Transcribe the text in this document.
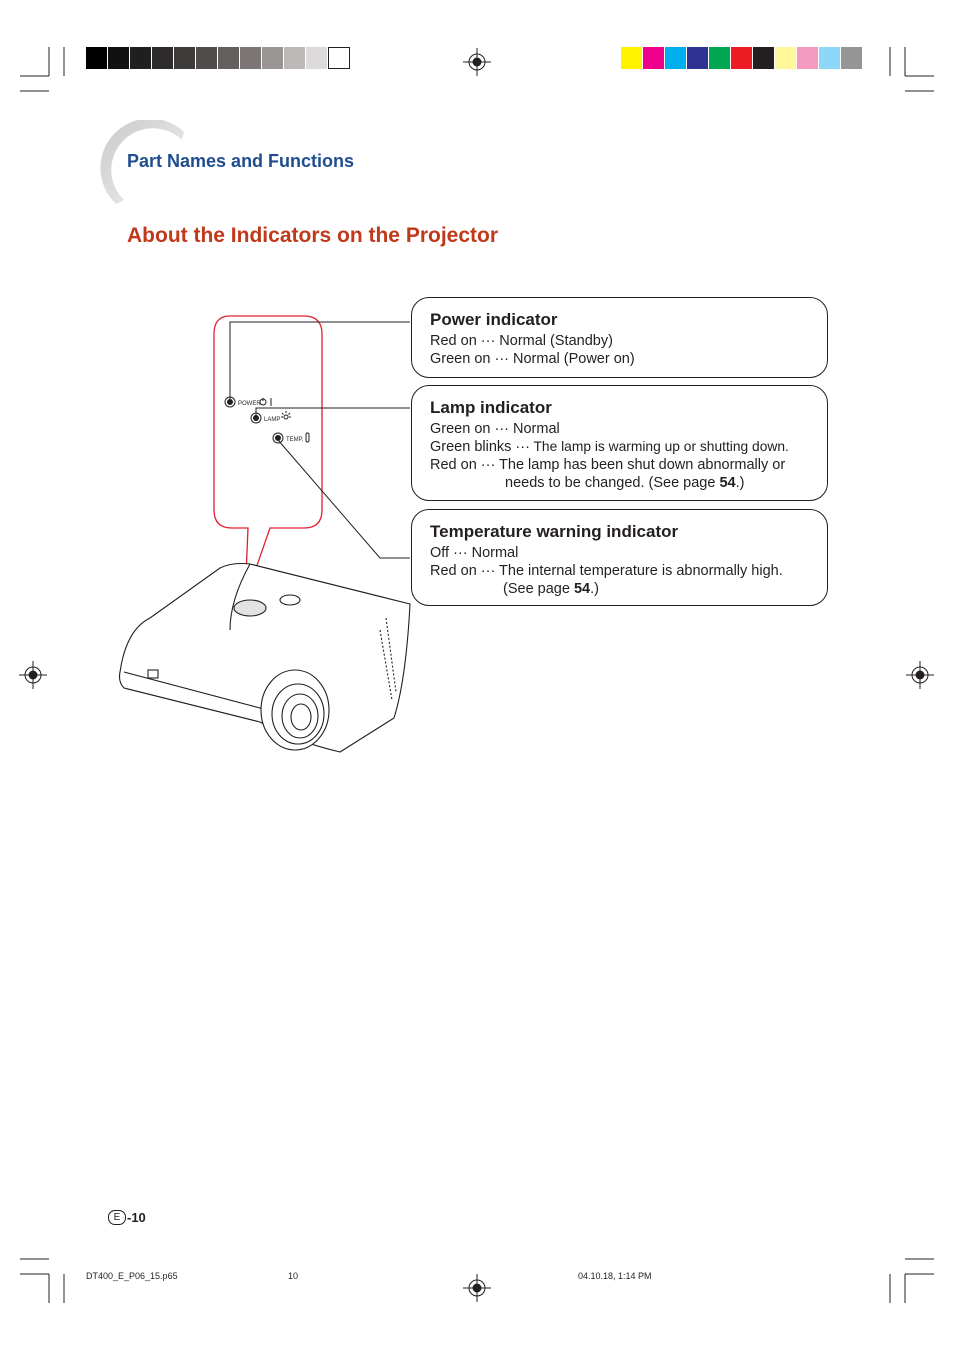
Part Names and Functions
About the Indicators on the Projector
POWER
LAMP
TEMP.
Power indicator

Red on ··· Normal (Standby)

Green on ··· Normal (Power on)

Lamp indicator

Green on ··· Normal

Green blinks ··· The lamp is warming up or shutting down.

Red on ··· The lamp has been shut down abnormally or

needs to be changed. (See page 54.)

Temperature warning indicator

Off ··· Normal

Red on ··· The internal temperature is abnormally high.

(See page 54.)

E -10
DT400_E_P06_15.p65	10	04.10.18, 1:14 PM
